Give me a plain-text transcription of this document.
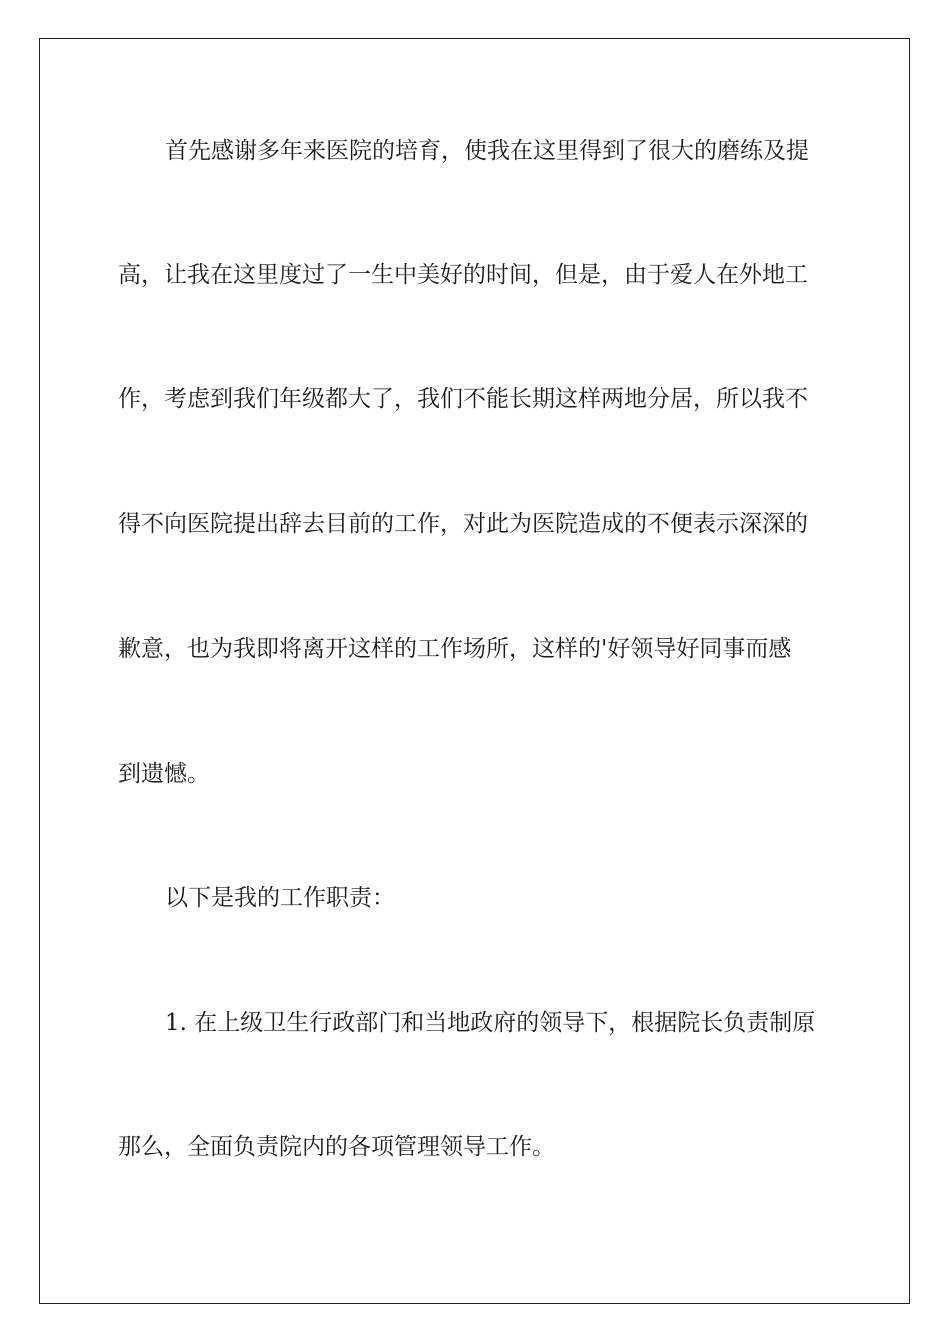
首先感谢多年来医院的培育，使我在这里得到了很大的磨练及提
高，让我在这里度过了一生中美好的时间，但是，由于爱人在外地工
作，考虑到我们年级都大了，我们不能长期这样两地分居，所以我不
得不向医院提出辞去目前的工作，对此为医院造成的不便表示深深的
歉意，也为我即将离开这样的工作场所，这样的'好领导好同事而感
到遗憾。
以下是我的工作职责：
1. 在上级卫生行政部门和当地政府的领导下，根据院长负责制原
那么，全面负责院内的各项管理领导工作。
